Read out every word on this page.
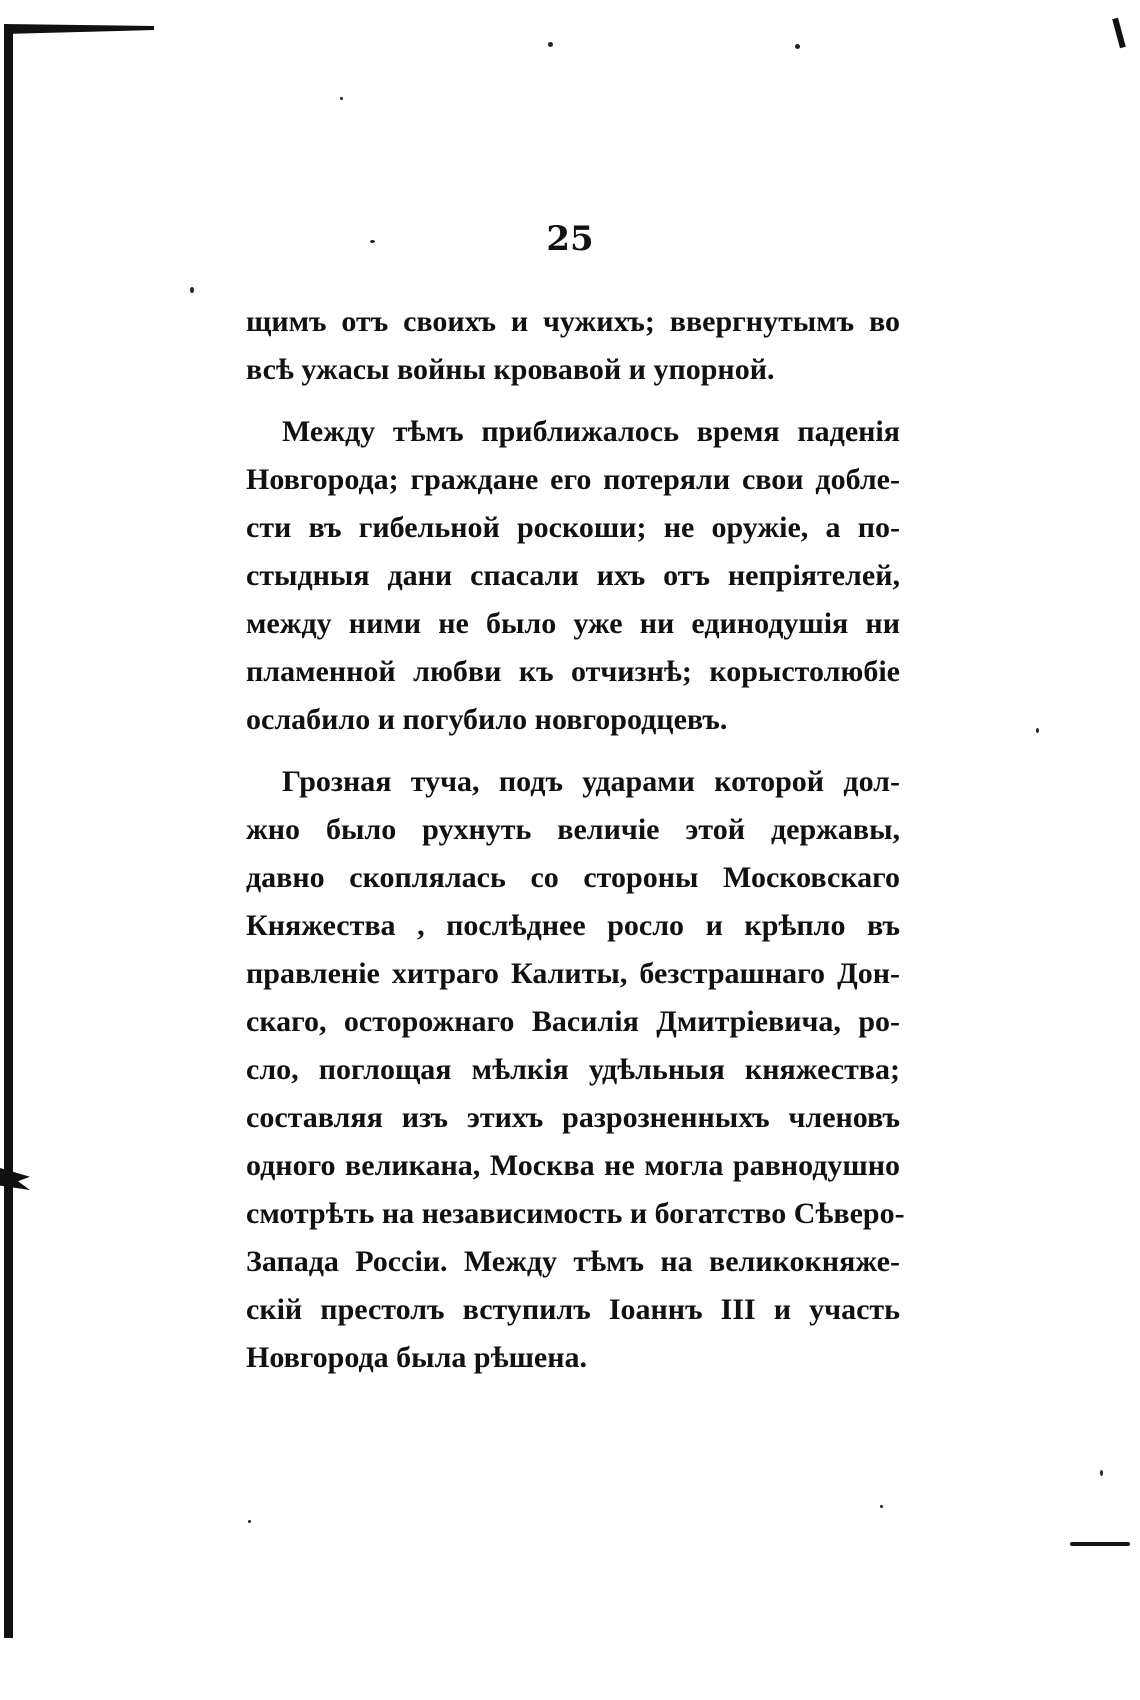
25
щимъ отъ своихъ и чужихъ; ввергнутымъ во
всѣ ужасы войны кровавой и упорной.
Между тѣмъ приближалось время паденія
Новгорода; граждане его потеряли свои добле-
сти въ гибельной роскоши; не оружіе, а по-
стыдныя дани спасали ихъ отъ непріятелей,
между ними не было уже ни единодушія ни
пламенной любви къ отчизнѣ; корыстолюбіе
ослабило и погубило новгородцевъ.
Грозная туча, подъ ударами которой дол-
жно было рухнуть величіе этой державы,
давно скоплялась со стороны Московскаго
Княжества , послѣднее росло и крѣпло въ
правленіе хитраго Калиты, безстрашнаго Дон-
скаго, осторожнаго Василія Дмитріевича, ро-
сло, поглощая мѣлкія удѣльныя княжества;
составляя изъ этихъ разрозненныхъ членовъ
одного великана, Москва не могла равнодушно
смотрѣть на независимость и богатство Сѣверо-
Запада Россіи. Между тѣмъ на великокняже-
скій престолъ вступилъ Іоаннъ III и участь
Новгорода была рѣшена.
